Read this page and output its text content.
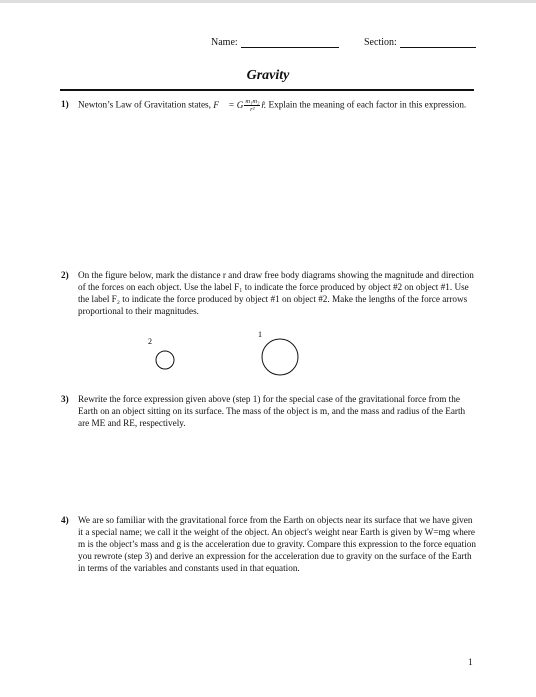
Name:	Section:
Gravity
1) Newton’s Law of Gravitation states, F⃗ = G $\frac{\text{m₁m₂}}{\text{r²}}$ r̂. Explain the meaning of each factor in this expression.
2) On the figure below, mark the distance r and draw free body diagrams showing the magnitude and direction of the forces on each object. Use the label F₁ to indicate the force produced by object #2 on object #1. Use the label F₂ to indicate the force produced by object #1 on object #2. Make the lengths of the force arrows proportional to their magnitudes.
2
1
3) Rewrite the force expression given above (step 1) for the special case of the gravitational force from the Earth on an object sitting on its surface. The mass of the object is m, and the mass and radius of the Earth are ME and RE, respectively.
4) We are so familiar with the gravitational force from the Earth on objects near its surface that we have given it a special name; we call it the weight of the object. An object's weight near Earth is given by W=mg where m is the object’s mass and g is the acceleration due to gravity. Compare this expression to the force equation you rewrote (step 3) and derive an expression for the acceleration due to gravity on the surface of the Earth in terms of the variables and constants used in that equation.
1
